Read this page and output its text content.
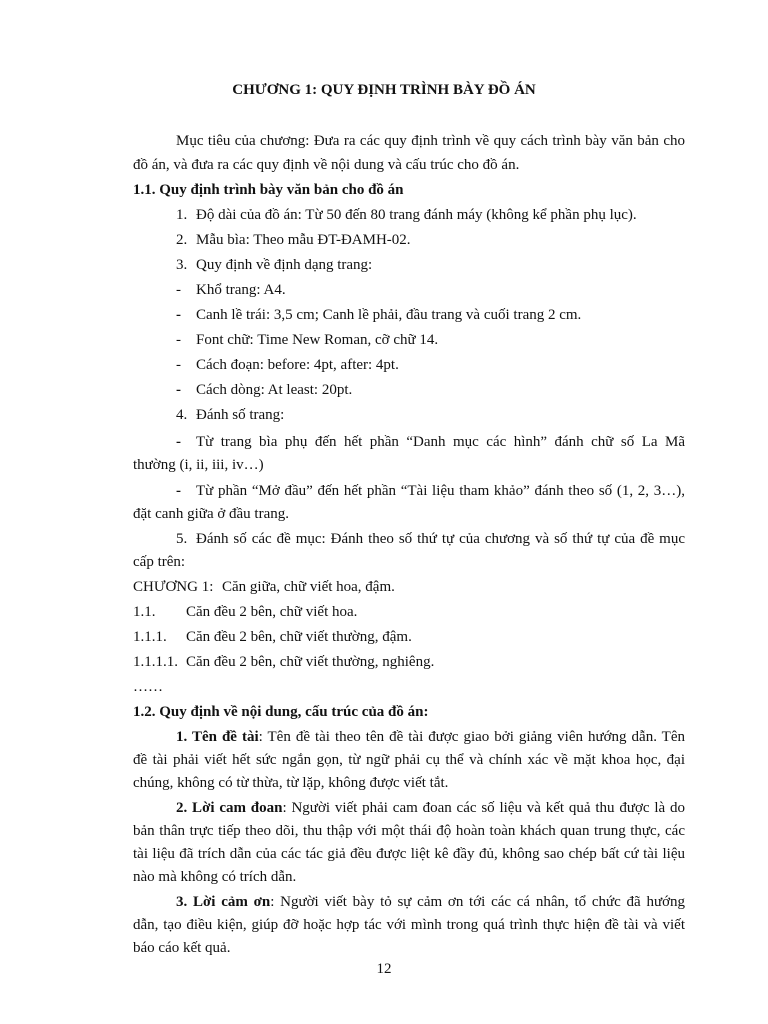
CHƯƠNG 1: QUY ĐỊNH TRÌNH BÀY ĐỒ ÁN
Mục tiêu của chương: Đưa ra các quy định trình về quy cách trình bày văn bản cho
đồ án, và đưa ra các quy định về nội dung và cấu trúc cho đồ án.
1.1. Quy định trình bày văn bản cho đồ án
1. Độ dài của đồ án: Từ 50 đến 80 trang đánh máy (không kể phần phụ lục).
2. Mẫu bìa: Theo mẫu ĐT-ĐAMH-02.
3. Quy định về định dạng trang:
- Khổ trang: A4.
- Canh lề trái: 3,5 cm; Canh lề phải, đầu trang và cuối trang 2 cm.
- Font chữ: Time New Roman, cỡ chữ 14.
- Cách đoạn: before: 4pt, after: 4pt.
- Cách dòng: At least: 20pt.
4. Đánh số trang:
- Từ trang bìa phụ đến hết phần “Danh mục các hình” đánh chữ số La Mã
thường (i, ii, iii, iv…)
- Từ phần “Mở đầu” đến hết phần “Tài liệu tham khảo” đánh theo số (1, 2, 3…),
đặt canh giữa ở đầu trang.
5. Đánh số các đề mục: Đánh theo số thứ tự của chương và số thứ tự của đề mục
cấp trên:
CHƯƠNG 1: Căn giữa, chữ viết hoa, đậm.
1.1. Căn đều 2 bên, chữ viết hoa.
1.1.1. Căn đều 2 bên, chữ viết thường, đậm.
1.1.1.1. Căn đều 2 bên, chữ viết thường, nghiêng.
……
1.2. Quy định về nội dung, cấu trúc của đồ án:
1. Tên đề tài: Tên đề tài theo tên đề tài được giao bởi giảng viên hướng dẫn. Tên
đề tài phải viết hết sức ngắn gọn, từ ngữ phải cụ thể và chính xác về mặt khoa học, đại
chúng, không có từ thừa, từ lặp, không được viết tắt.
2. Lời cam đoan: Người viết phải cam đoan các số liệu và kết quả thu được là do
bản thân trực tiếp theo dõi, thu thập với một thái độ hoàn toàn khách quan trung thực, các
tài liệu đã trích dẫn của các tác giả đều được liệt kê đầy đủ, không sao chép bất cứ tài liệu
nào mà không có trích dẫn.
3. Lời cảm ơn: Người viết bày tỏ sự cảm ơn tới các cá nhân, tổ chức đã hướng
dẫn, tạo điều kiện, giúp đỡ hoặc hợp tác với mình trong quá trình thực hiện đề tài và viết
báo cáo kết quả.
12
